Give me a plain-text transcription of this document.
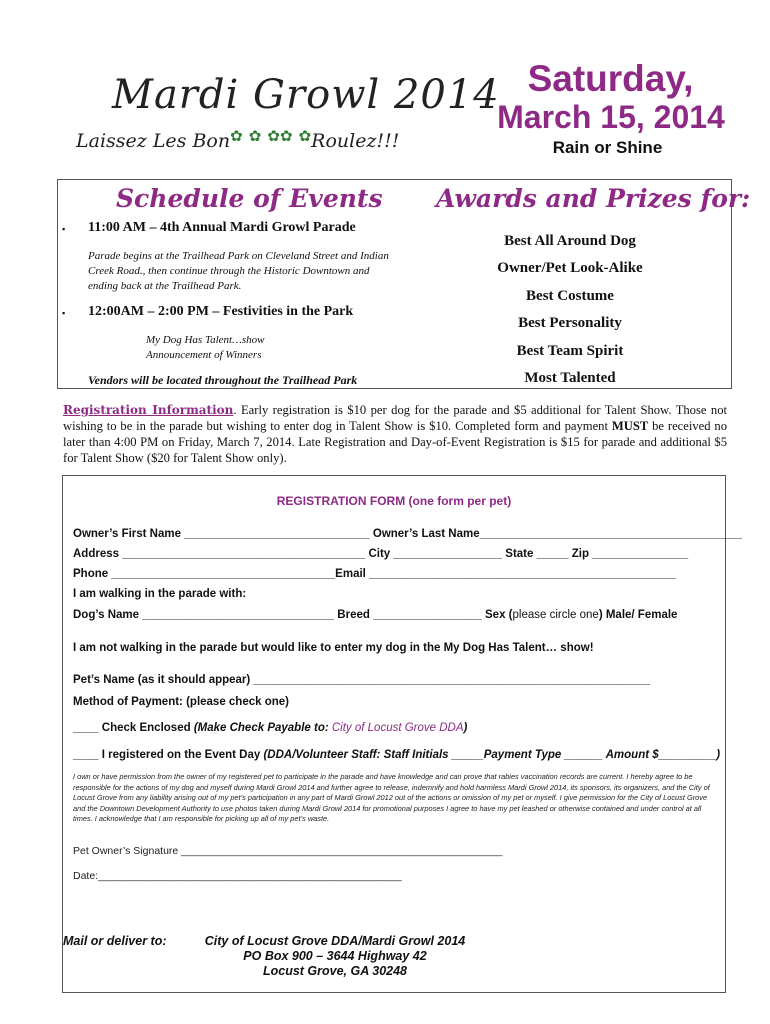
Mardi Growl 2014
Laissez Les Bon✿ ✿ ✿✿ ✿Roulez!!!
Saturday,
March 15, 2014
Rain or Shine
Schedule of Events Awards and Prizes for:
▪ 11:00 AM – 4th Annual Mardi Growl Parade
Parade begins at the Trailhead Park on Cleveland Street and Indian
Creek Road., then continue through the Historic Downtown and
ending back at the Trailhead Park.
▪ 12:00AM – 2:00 PM – Festivities in the Park
My Dog Has Talent…show
Announcement of Winners
Vendors will be located throughout the Trailhead Park
Best All Around Dog
Owner/Pet Look-Alike
Best Costume
Best Personality
Best Team Spirit
Most Talented
Registration Information. Early registration is $10 per dog for the parade and $5 additional for Talent Show. Those not wishing to be in the parade but wishing to enter dog in Talent Show is $10. Completed form and payment MUST be received no later than 4:00 PM on Friday, March 7, 2014. Late Registration and Day-of-Event Registration is $15 for parade and additional $5 for Talent Show ($20 for Talent Show only).
REGISTRATION FORM (one form per pet)
Owner’s First Name _____________________________ Owner’s Last Name_________________________________________
Address ______________________________________ City _________________ State _____ Zip _______________
Phone ___________________________________Email ________________________________________________
I am walking in the parade with:
Dog’s Name ______________________________ Breed _________________ Sex (please circle one) Male/ Female
I am not walking in the parade but would like to enter my dog in the My Dog Has Talent… show!
Pet’s Name (as it should appear) ______________________________________________________________
Method of Payment: (please check one)
____ Check Enclosed (Make Check Payable to: City of Locust Grove DDA)
____ I registered on the Event Day (DDA/Volunteer Staff: Staff Initials _____Payment Type ______ Amount $_________)
I own or have permission from the owner of my registered pet to participate in the parade and have knowledge and can prove that rabies vaccination records are current. I hereby agree to be responsible for the actions of my dog and myself during Mardi Growl 2014 and further agree to release, indemnify and hold harmless Mardi Growl 2014, its sponsors, its organizers, and the City of Locust Grove from any liability arising out of my pet’s participation in any part of Mardi Growl 2012 out of the actions or omission of my pet or myself. I give permission for the City of Locust Grove and the Downtown Development Authority to use photos taken during Mardi Growl 2014 for promotional purposes I agree to have my pet leashed or otherwise contained and under control at all times. I acknowledge that I am responsible for picking up all of my pet’s waste.
Pet Owner’s Signature _______________________________________________________
Date:____________________________________________________
Mail or deliver to:	City of Locust Grove DDA/Mardi Growl 2014
PO Box 900 – 3644 Highway 42
Locust Grove, GA 30248
